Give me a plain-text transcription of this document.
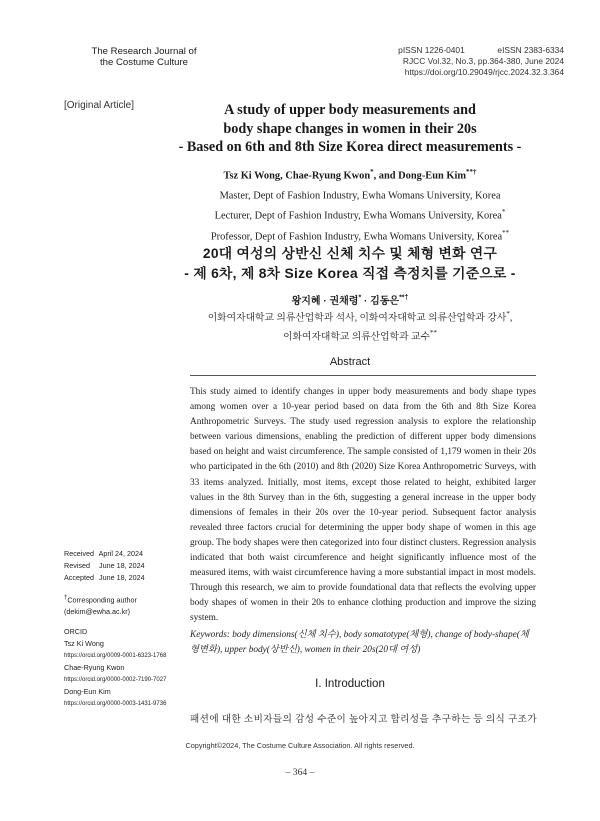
The Research Journal of
the Costume Culture
pISSN 1226-0401	eISSN 2383-6334
RJCC Vol.32, No.3, pp.364-380, June 2024
https://doi.org/10.29049/rjcc.2024.32.3.364
[Original Article]	A study of upper body measurements and
body shape changes in women in their 20s
- Based on 6th and 8th Size Korea direct measurements -
Tsz Ki Wong, Chae-Ryung Kwon*, and Dong-Eun Kim**†
Master, Dept of Fashion Industry, Ewha Womans University, Korea
Lecturer, Dept of Fashion Industry, Ewha Womans University, Korea*
Professor, Dept of Fashion Industry, Ewha Womans University, Korea**
20대 여성의 상반신 신체 치수 및 체형 변화 연구
- 제 6차, 제 8차 Size Korea 직접 측정치를 기준으로 -
왕지혜 · 권채령* · 김동은**†
이화여자대학교 의류산업학과 석사, 이화여자대학교 의류산업학과 강사*,
이화여자대학교 의류산업학과 교수**
Abstract
This study aimed to identify changes in upper body measurements and body shape types among women over a 10-year period based on data from the 6th and 8th Size Korea Anthropometric Surveys. The study used regression analysis to explore the relationship between various dimensions, enabling the prediction of different upper body dimensions based on height and waist circumference. The sample consisted of 1,179 women in their 20s who participated in the 6th (2010) and 8th (2020) Size Korea Anthropometric Surveys, with 33 items analyzed. Initially, most items, except those related to height, exhibited larger values in the 8th Survey than in the 6th, suggesting a general increase in the upper body dimensions of females in their 20s over the 10-year period. Subsequent factor analysis revealed three factors crucial for determining the upper body shape of women in this age group. The body shapes were then categorized into four distinct clusters. Regression analysis indicated that both waist circumference and height significantly influence most of the measured items, with waist circumference having a more substantial impact in most models. Through this research, we aim to provide foundational data that reflects the evolving upper body shapes of women in their 20s to enhance clothing production and improve the sizing system.
Keywords: body dimensions(신체 치수), body somatotype(체형), change of body-shape(체형변화), upper body(상반신), women in their 20s(20대 여성)
Received April 24, 2024
Revised June 18, 2024
Accepted June 18, 2024
†Corresponding author
(dekim@ewha.ac.kr)
ORCID
Tsz Ki Wong
https://orcid.org/0009-0001-6323-1768
Chae-Ryung Kwon
https://orcid.org/0000-0002-7190-7027
Dong-Eun Kim
https://orcid.org/0000-0003-1431-9736
I. Introduction
패션에 대한 소비자들의 감성 수준이 높아지고 합리성을 추구하는 등 의식 구조가
Copyright©2024, The Costume Culture Association. All rights reserved.
– 364 –
